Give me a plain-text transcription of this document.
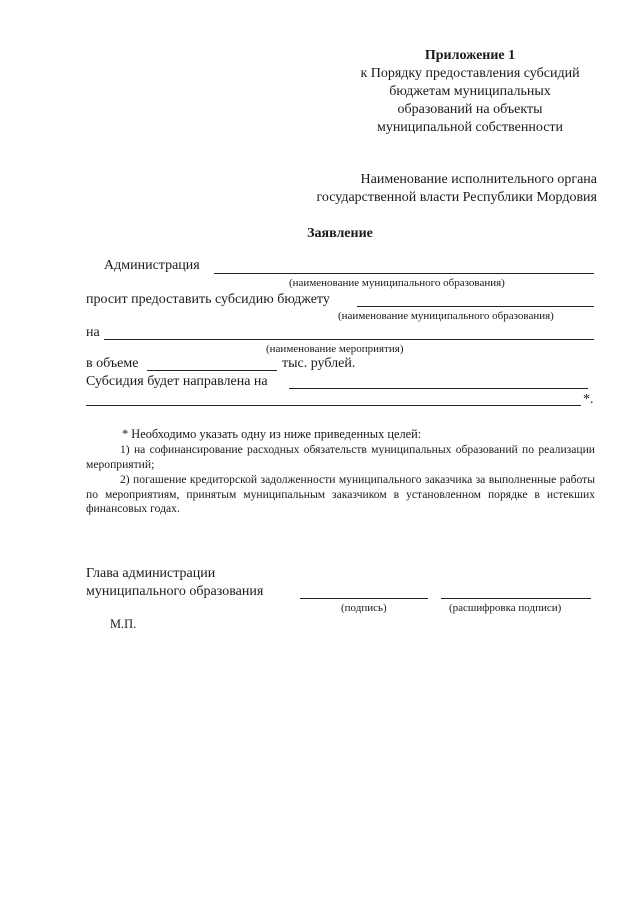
Приложение 1
к Порядку предоставления субсидий
бюджетам муниципальных
образований на объекты
муниципальной собственности
Наименование исполнительного органа
государственной власти Республики Мордовия
Заявление
Администрация
(наименование муниципального образования)
просит предоставить субсидию бюджету
(наименование муниципального образования)
на
(наименование мероприятия)
в объеме	тыс. рублей.
Субсидия будет направлена на
*.
* Необходимо указать одну из ниже приведенных целей:
1) на софинансирование расходных обязательств муниципальных образований по реализации мероприятий;
2) погашение кредиторской задолженности муниципального заказчика за выполненные работы по мероприятиям, принятым муниципальным заказчиком в установленном порядке в истекших финансовых годах.
Глава администрации
муниципального образования
(подпись)	(расшифровка подписи)
М.П.
